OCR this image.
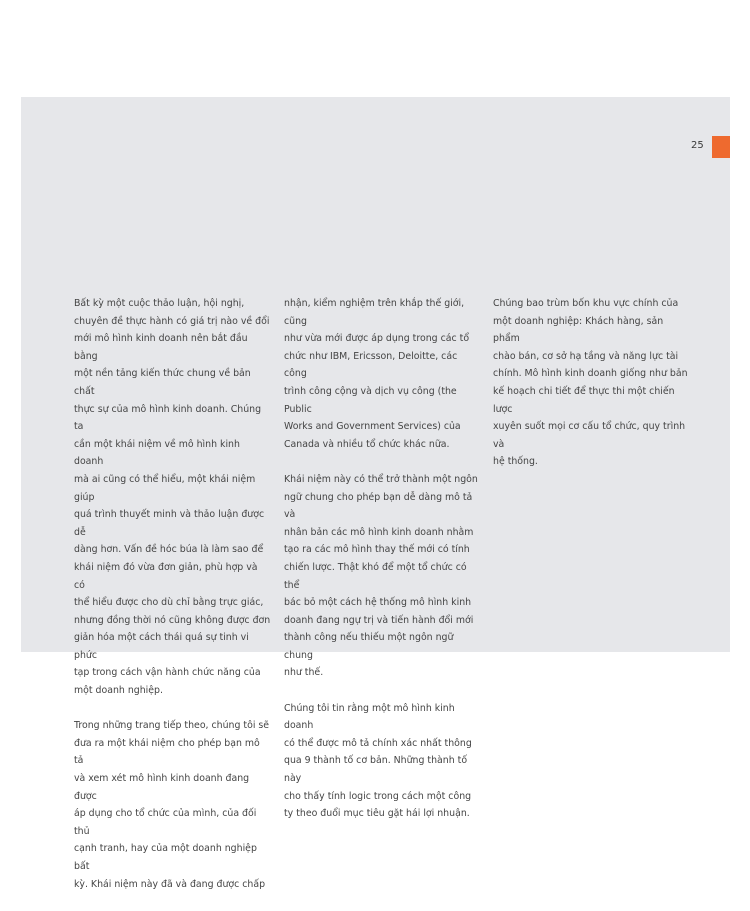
25

Bất kỳ một cuộc thảo luận, hội nghị,
chuyên đề thực hành có giá trị nào về đổi
mới mô hình kinh doanh nên bắt đầu bằng
một nền tảng kiến thức chung về bản chất
thực sự của mô hình kinh doanh. Chúng ta
cần một khái niệm về mô hình kinh doanh
mà ai cũng có thể hiểu, một khái niệm giúp
quá trình thuyết minh và thảo luận được dễ
dàng hơn. Vấn đề hóc búa là làm sao để
khái niệm đó vừa đơn giản, phù hợp và có
thể hiểu được cho dù chỉ bằng trực giác,
nhưng đồng thời nó cũng không được đơn
giản hóa một cách thái quá sự tinh vi phức
tạp trong cách vận hành chức năng của
một doanh nghiệp.

Trong những trang tiếp theo, chúng tôi sẽ
đưa ra một khái niệm cho phép bạn mô tả
và xem xét mô hình kinh doanh đang được
áp dụng cho tổ chức của mình, của đối thủ
cạnh tranh, hay của một doanh nghiệp bất
kỳ. Khái niệm này đã và đang được chấp

nhận, kiểm nghiệm trên khắp thế giới, cũng
như vừa mới được áp dụng trong các tổ
chức như IBM, Ericsson, Deloitte, các công
trình công cộng và dịch vụ công (the Public
Works and Government Services) của
Canada và nhiều tổ chức khác nữa.

Khái niệm này có thể trở thành một ngôn
ngữ chung cho phép bạn dễ dàng mô tả và
nhân bản các mô hình kinh doanh nhằm
tạo ra các mô hình thay thế mới có tính
chiến lược. Thật khó để một tổ chức có thể
bác bỏ một cách hệ thống mô hình kinh
doanh đang ngự trị và tiến hành đổi mới
thành công nếu thiếu một ngôn ngữ chung
như thế.

Chúng tôi tin rằng một mô hình kinh doanh
có thể được mô tả chính xác nhất thông
qua 9 thành tố cơ bản. Những thành tố này
cho thấy tính logic trong cách một công
ty theo đuổi mục tiêu gặt hái lợi nhuận.

Chúng bao trùm bốn khu vực chính của
một doanh nghiệp: Khách hàng, sản phẩm
chào bán, cơ sở hạ tầng và năng lực tài
chính. Mô hình kinh doanh giống như bản
kế hoạch chi tiết để thực thi một chiến lược
xuyên suốt mọi cơ cấu tổ chức, quy trình và
hệ thống.
